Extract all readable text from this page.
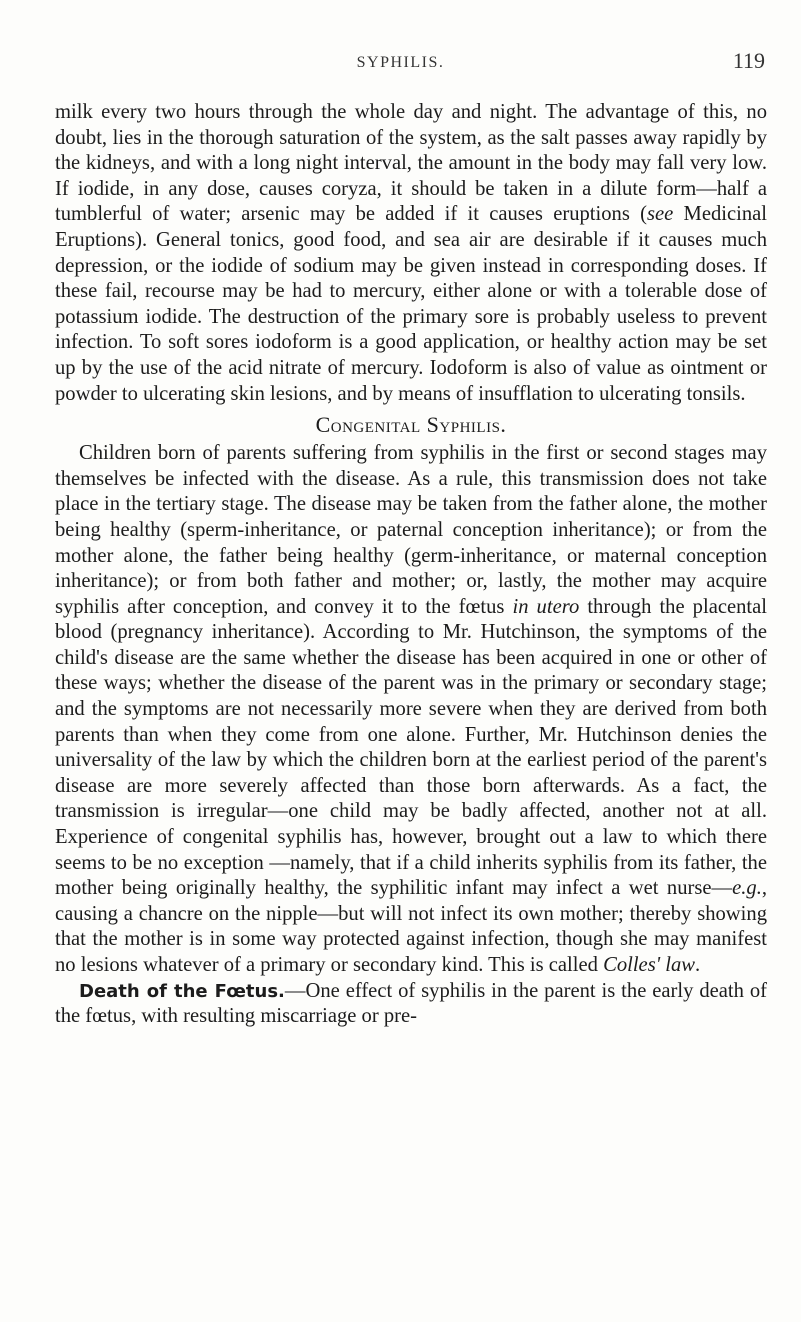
SYPHILIS.	119

milk every two hours through the whole day and night. The advantage of this, no doubt, lies in the thorough saturation of the system, as the salt passes away rapidly by the kidneys, and with a long night interval, the amount in the body may fall very low. If iodide, in any dose, causes coryza, it should be taken in a dilute form—half a tumblerful of water; arsenic may be added if it causes eruptions (see Medicinal Eruptions). General tonics, good food, and sea air are desirable if it causes much depression, or the iodide of sodium may be given instead in corresponding doses. If these fail, recourse may be had to mercury, either alone or with a tolerable dose of potassium iodide. The destruction of the primary sore is probably useless to prevent infection. To soft sores iodoform is a good application, or healthy action may be set up by the use of the acid nitrate of mercury. Iodoform is also of value as ointment or powder to ulcerating skin lesions, and by means of insufflation to ulcerating tonsils.

Congenital Syphilis.

Children born of parents suffering from syphilis in the first or second stages may themselves be infected with the disease. As a rule, this transmission does not take place in the tertiary stage. The disease may be taken from the father alone, the mother being healthy (sperm-inheritance, or paternal conception inheritance); or from the mother alone, the father being healthy (germ-inheritance, or maternal conception inheritance); or from both father and mother; or, lastly, the mother may acquire syphilis after conception, and convey it to the fœtus in utero through the placental blood (pregnancy inheritance). According to Mr. Hutchinson, the symptoms of the child's disease are the same whether the disease has been acquired in one or other of these ways; whether the disease of the parent was in the primary or secondary stage; and the symptoms are not necessarily more severe when they are derived from both parents than when they come from one alone. Further, Mr. Hutchinson denies the universality of the law by which the children born at the earliest period of the parent's disease are more severely affected than those born afterwards. As a fact, the transmission is irregular—one child may be badly affected, another not at all. Experience of congenital syphilis has, however, brought out a law to which there seems to be no exception —namely, that if a child inherits syphilis from its father, the mother being originally healthy, the syphilitic infant may infect a wet nurse—e.g., causing a chancre on the nipple—but will not infect its own mother; thereby showing that the mother is in some way protected against infection, though she may manifest no lesions whatever of a primary or secondary kind. This is called Colles' law.

Death of the Fœtus.—One effect of syphilis in the parent is the early death of the fœtus, with resulting miscarriage or pre-
